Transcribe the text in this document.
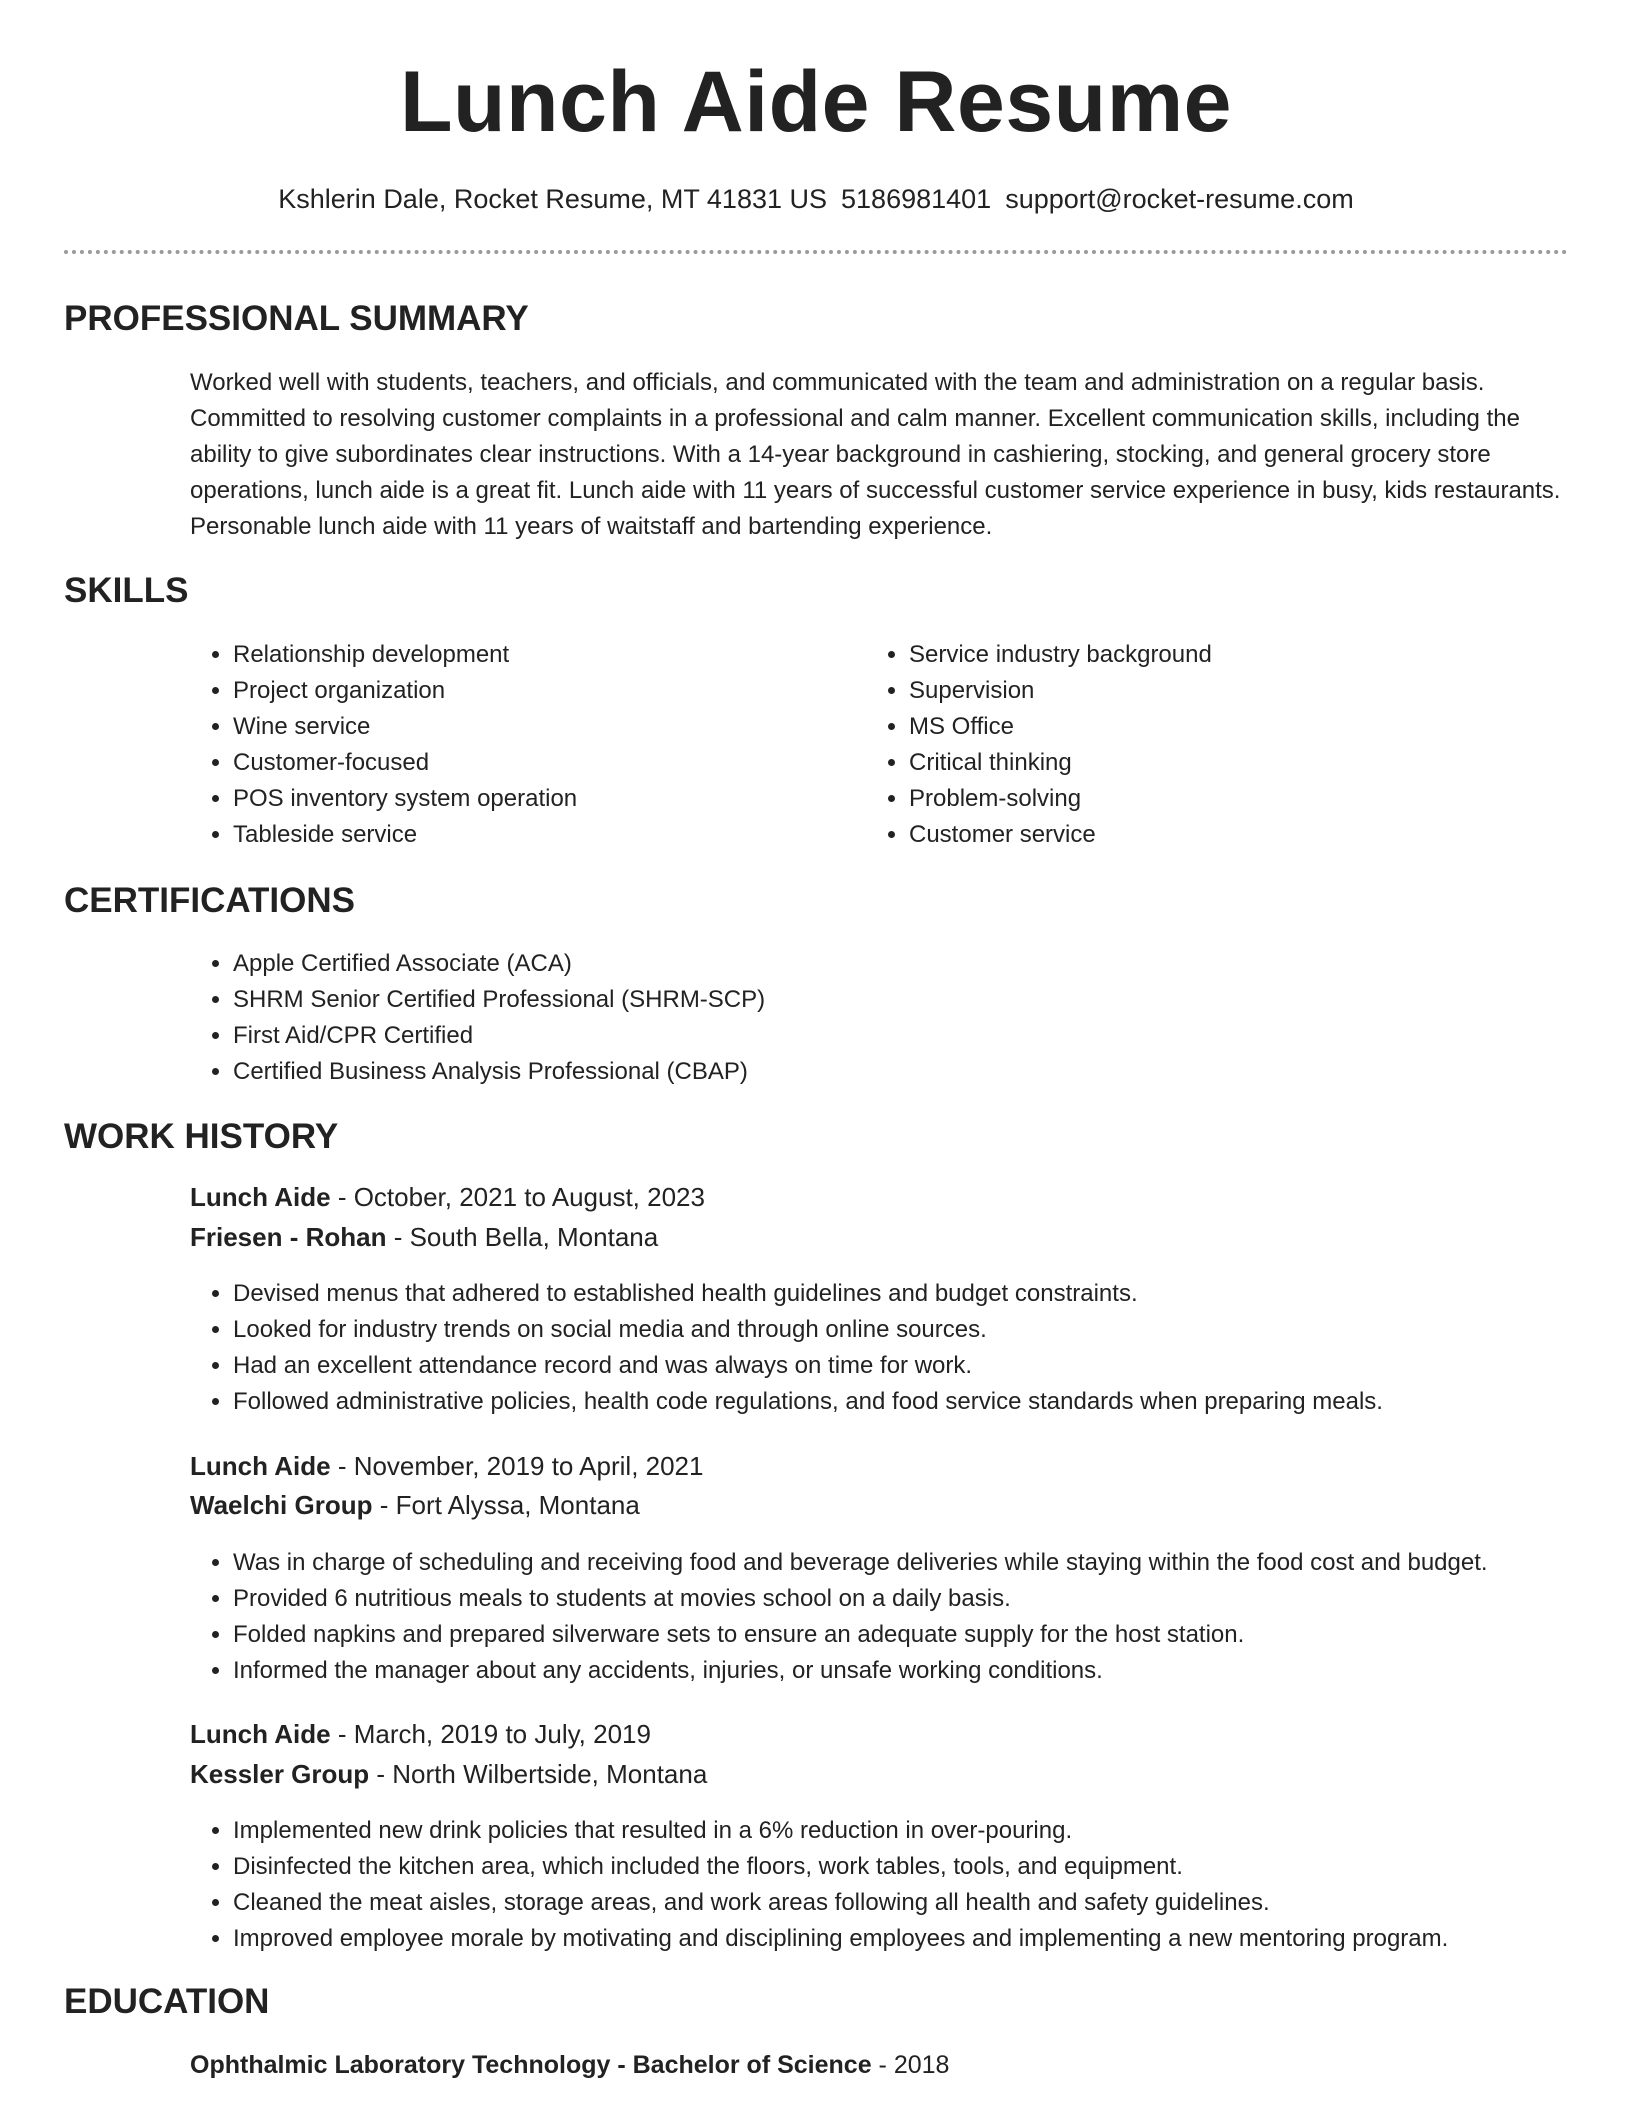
Lunch Aide Resume
Kshlerin Dale, Rocket Resume, MT 41831 US 5186981401 support@rocket-resume.com
PROFESSIONAL SUMMARY

Worked well with students, teachers, and officials, and communicated with the team and administration on a regular basis. Committed to resolving customer complaints in a professional and calm manner. Excellent communication skills, including the ability to give subordinates clear instructions. With a 14-year background in cashiering, stocking, and general grocery store operations, lunch aide is a great fit. Lunch aide with 11 years of successful customer service experience in busy, kids restaurants. Personable lunch aide with 11 years of waitstaff and bartending experience.

SKILLS
• Relationship development
• Project organization
• Wine service
• Customer-focused
• POS inventory system operation
• Tableside service
• Service industry background
• Supervision
• MS Office
• Critical thinking
• Problem-solving
• Customer service
CERTIFICATIONS
• Apple Certified Associate (ACA)
• SHRM Senior Certified Professional (SHRM-SCP)
• First Aid/CPR Certified
• Certified Business Analysis Professional (CBAP)
WORK HISTORY
Lunch Aide - October, 2021 to August, 2023
Friesen - Rohan - South Bella, Montana
• Devised menus that adhered to established health guidelines and budget constraints.
• Looked for industry trends on social media and through online sources.
• Had an excellent attendance record and was always on time for work.
• Followed administrative policies, health code regulations, and food service standards when preparing meals.
Lunch Aide - November, 2019 to April, 2021
Waelchi Group - Fort Alyssa, Montana
• Was in charge of scheduling and receiving food and beverage deliveries while staying within the food cost and budget.
• Provided 6 nutritious meals to students at movies school on a daily basis.
• Folded napkins and prepared silverware sets to ensure an adequate supply for the host station.
• Informed the manager about any accidents, injuries, or unsafe working conditions.
Lunch Aide - March, 2019 to July, 2019
Kessler Group - North Wilbertside, Montana
• Implemented new drink policies that resulted in a 6% reduction in over-pouring.
• Disinfected the kitchen area, which included the floors, work tables, tools, and equipment.
• Cleaned the meat aisles, storage areas, and work areas following all health and safety guidelines.
• Improved employee morale by motivating and disciplining employees and implementing a new mentoring program.
EDUCATION
Ophthalmic Laboratory Technology - Bachelor of Science - 2018
